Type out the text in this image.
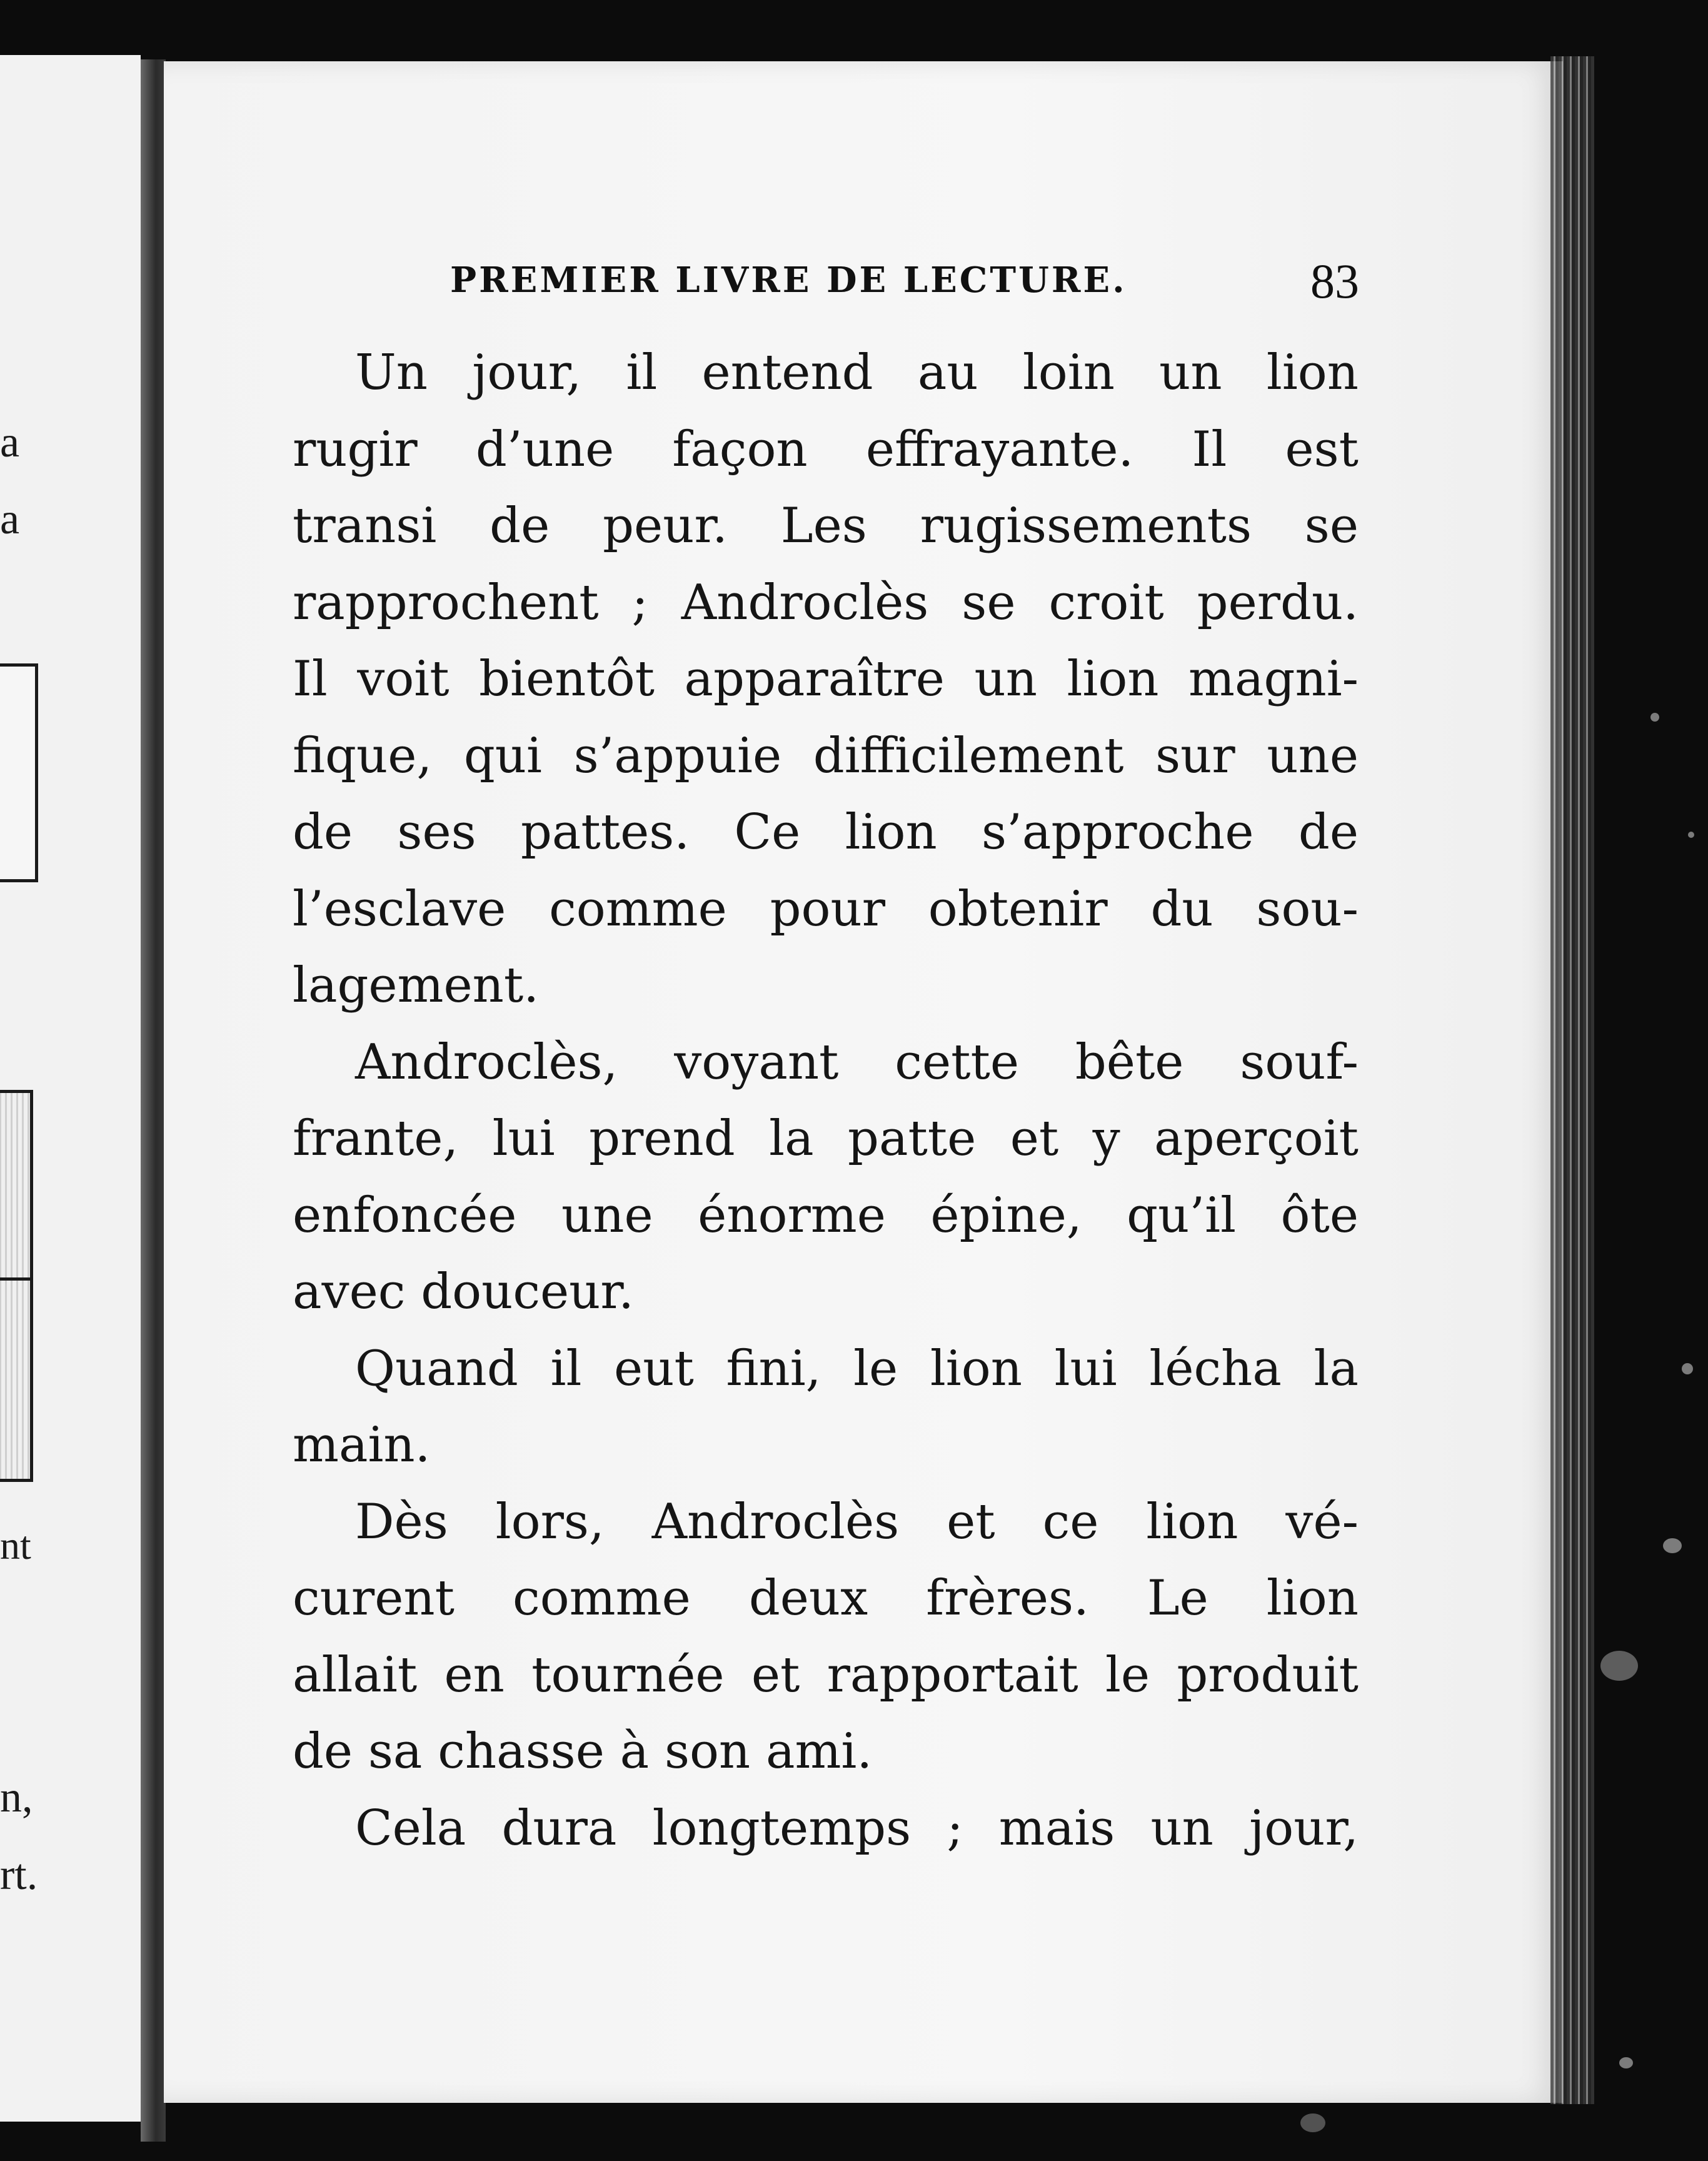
a
a
nt
n,
rt.
PREMIER LIVRE DE LECTURE.	83
Un jour, il entend au loin un lion
rugir d’une façon effrayante. Il est
transi de peur. Les rugissements se
rapprochent ; Androclès se croit perdu.
Il voit bientôt apparaître un lion magni-
fique, qui s’appuie difficilement sur une
de ses pattes. Ce lion s’approche de
l’esclave comme pour obtenir du sou-
lagement.
Androclès, voyant cette bête souf-
frante, lui prend la patte et y aperçoit
enfoncée une énorme épine, qu’il ôte
avec douceur.
Quand il eut fini, le lion lui lécha la
main.
Dès lors, Androclès et ce lion vé-
curent comme deux frères. Le lion
allait en tournée et rapportait le produit
de sa chasse à son ami.
Cela dura longtemps ; mais un jour,
